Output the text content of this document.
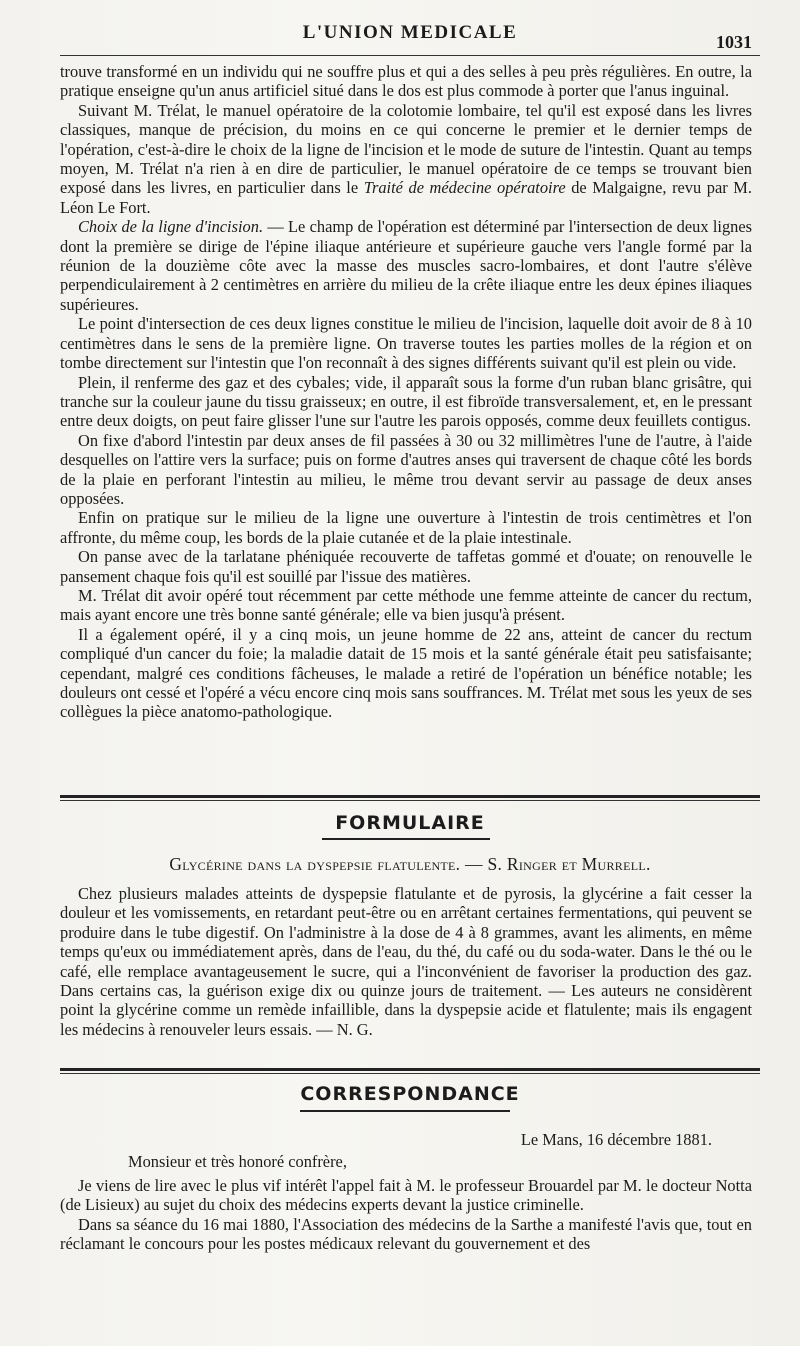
L'UNION MEDICALE	1031

trouve transformé en un individu qui ne souffre plus et qui a des selles à peu près régulières. En outre, la pratique enseigne qu'un anus artificiel situé dans le dos est plus commode à porter que l'anus inguinal.

Suivant M. Trélat, le manuel opératoire de la colotomie lombaire, tel qu'il est exposé dans les livres classiques, manque de précision, du moins en ce qui concerne le premier et le dernier temps de l'opération, c'est-à-dire le choix de la ligne de l'incision et le mode de suture de l'intestin. Quant au temps moyen, M. Trélat n'a rien à en dire de particulier, le manuel opératoire de ce temps se trouvant bien exposé dans les livres, en particulier dans le Traité de médecine opératoire de Malgaigne, revu par M. Léon Le Fort.

Choix de la ligne d'incision. — Le champ de l'opération est déterminé par l'intersection de deux lignes dont la première se dirige de l'épine iliaque antérieure et supérieure gauche vers l'angle formé par la réunion de la douzième côte avec la masse des muscles sacro-lombaires, et dont l'autre s'élève perpendiculairement à 2 centimètres en arrière du milieu de la crête iliaque entre les deux épines iliaques supérieures.

Le point d'intersection de ces deux lignes constitue le milieu de l'incision, laquelle doit avoir de 8 à 10 centimètres dans le sens de la première ligne. On traverse toutes les parties molles de la région et on tombe directement sur l'intestin que l'on reconnaît à des signes différents suivant qu'il est plein ou vide.

Plein, il renferme des gaz et des cybales; vide, il apparaît sous la forme d'un ruban blanc grisâtre, qui tranche sur la couleur jaune du tissu graisseux; en outre, il est fibroïde transversalement, et, en le pressant entre deux doigts, on peut faire glisser l'une sur l'autre les parois opposés, comme deux feuillets contigus.

On fixe d'abord l'intestin par deux anses de fil passées à 30 ou 32 millimètres l'une de l'autre, à l'aide desquelles on l'attire vers la surface; puis on forme d'autres anses qui traversent de chaque côté les bords de la plaie en perforant l'intestin au milieu, le même trou devant servir au passage de deux anses opposées.

Enfin on pratique sur le milieu de la ligne une ouverture à l'intestin de trois centimètres et l'on affronte, du même coup, les bords de la plaie cutanée et de la plaie intestinale.

On panse avec de la tarlatane phéniquée recouverte de taffetas gommé et d'ouate; on renouvelle le pansement chaque fois qu'il est souillé par l'issue des matières.

M. Trélat dit avoir opéré tout récemment par cette méthode une femme atteinte de cancer du rectum, mais ayant encore une très bonne santé générale; elle va bien jusqu'à présent.

Il a également opéré, il y a cinq mois, un jeune homme de 22 ans, atteint de cancer du rectum compliqué d'un cancer du foie; la maladie datait de 15 mois et la santé générale était peu satisfaisante; cependant, malgré ces conditions fâcheuses, le malade a retiré de l'opération un bénéfice notable; les douleurs ont cessé et l'opéré a vécu encore cinq mois sans souffrances. M. Trélat met sous les yeux de ses collègues la pièce anatomo-pathologique.

FORMULAIRE
Glycérine dans la dyspepsie flatulente. — S. Ringer et Murrell.

Chez plusieurs malades atteints de dyspepsie flatulante et de pyrosis, la glycérine a fait cesser la douleur et les vomissements, en retardant peut-être ou en arrêtant certaines fermentations, qui peuvent se produire dans le tube digestif. On l'administre à la dose de 4 à 8 grammes, avant les aliments, en même temps qu'eux ou immédiatement après, dans de l'eau, du thé, du café ou du soda-water. Dans le thé ou le café, elle remplace avantageusement le sucre, qui a l'inconvénient de favoriser la production des gaz. Dans certains cas, la guérison exige dix ou quinze jours de traitement. — Les auteurs ne considèrent point la glycérine comme un remède infaillible, dans la dyspepsie acide et flatulente; mais ils engagent les médecins à renouveler leurs essais. — N. G.

CORRESPONDANCE
Le Mans, 16 décembre 1881.
Monsieur et très honoré confrère,

Je viens de lire avec le plus vif intérêt l'appel fait à M. le professeur Brouardel par M. le docteur Notta (de Lisieux) au sujet du choix des médecins experts devant la justice criminelle.

Dans sa séance du 16 mai 1880, l'Association des médecins de la Sarthe a manifesté l'avis que, tout en réclamant le concours pour les postes médicaux relevant du gouvernement et des
